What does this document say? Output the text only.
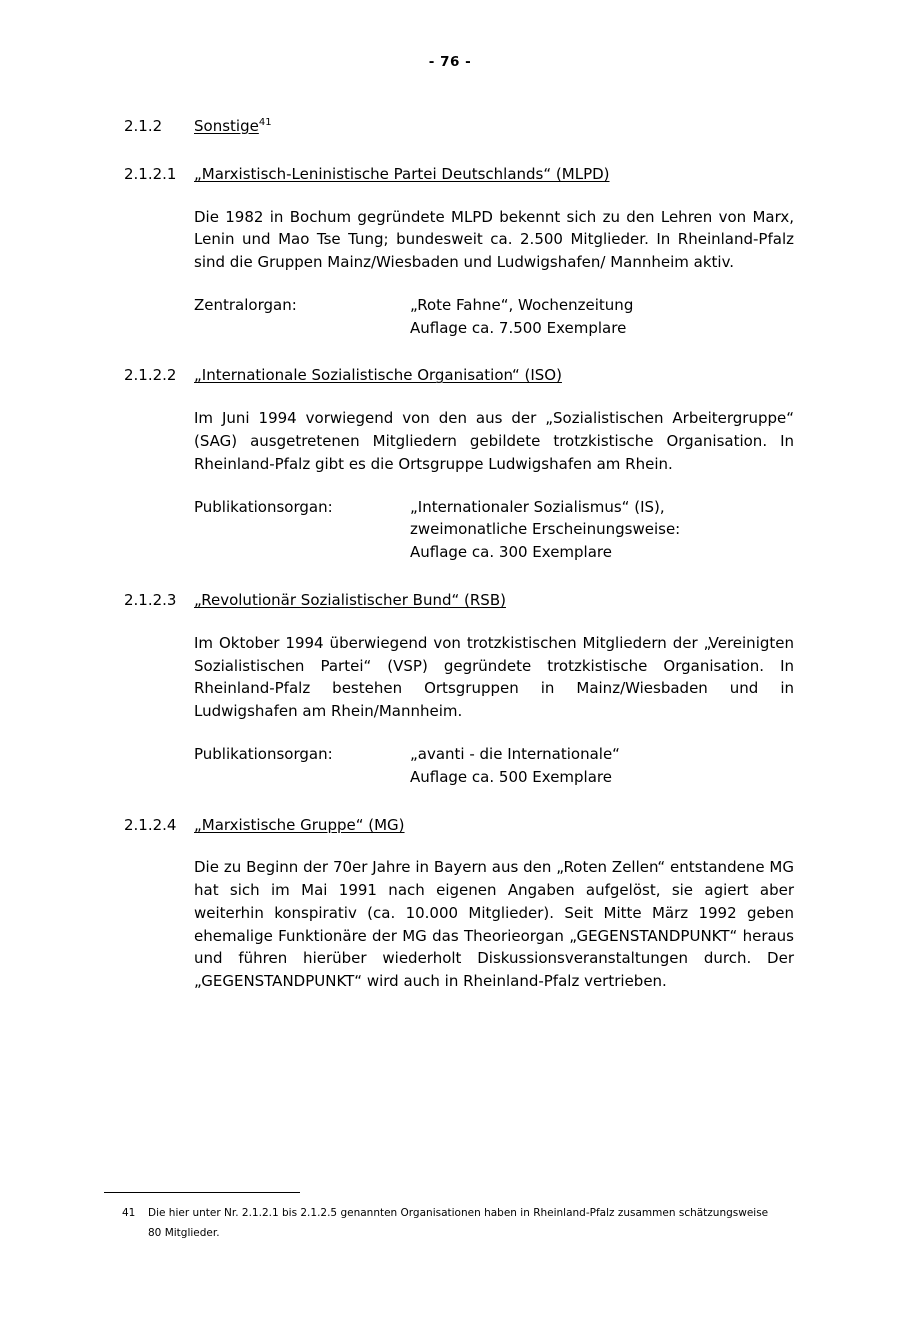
- 76 -
2.1.2	Sonstige$^{41}$
2.1.2.1	„Marxistisch-Leninistische Partei Deutschlands“ (MLPD)
Die 1982 in Bochum gegründete MLPD bekennt sich zu den Lehren von Marx, Lenin und Mao Tse Tung; bundesweit ca. 2.500 Mitglieder. In Rheinland-Pfalz sind die Gruppen Mainz/Wiesbaden und Ludwigshafen/ Mannheim aktiv.
Zentralorgan:	„Rote Fahne“, Wochenzeitung
Auflage ca. 7.500 Exemplare
2.1.2.2	„Internationale Sozialistische Organisation“ (ISO)
Im Juni 1994 vorwiegend von den aus der „Sozialistischen Arbeitergruppe“ (SAG) ausgetretenen Mitgliedern gebildete trotzkistische Organisation. In Rheinland-Pfalz gibt es die Ortsgruppe Ludwigshafen am Rhein.
Publikationsorgan:	„Internationaler Sozialismus“ (IS),
zweimonatliche Erscheinungsweise:
Auflage ca. 300 Exemplare
2.1.2.3	„Revolutionär Sozialistischer Bund“ (RSB)
Im Oktober 1994 überwiegend von trotzkistischen Mitgliedern der „Vereinigten Sozialistischen Partei“ (VSP) gegründete trotzkistische Organisation. In Rheinland-Pfalz bestehen Ortsgruppen in Mainz/Wiesbaden und in Ludwigshafen am Rhein/Mannheim.
Publikationsorgan:	„avanti - die Internationale“
Auflage ca. 500 Exemplare
2.1.2.4	„Marxistische Gruppe“ (MG)
Die zu Beginn der 70er Jahre in Bayern aus den „Roten Zellen“ entstandene MG hat sich im Mai 1991 nach eigenen Angaben aufgelöst, sie agiert aber weiterhin konspirativ (ca. 10.000 Mitglieder). Seit Mitte März 1992 geben ehemalige Funktionäre der MG das Theorieorgan „GEGENSTANDPUNKT“ heraus und führen hierüber wiederholt Diskussionsveranstaltungen durch. Der „GEGENSTANDPUNKT“ wird auch in Rheinland-Pfalz vertrieben.
41	Die hier unter Nr. 2.1.2.1 bis 2.1.2.5 genannten Organisationen haben in Rheinland-Pfalz zusammen schätzungsweise 80 Mitglieder.
